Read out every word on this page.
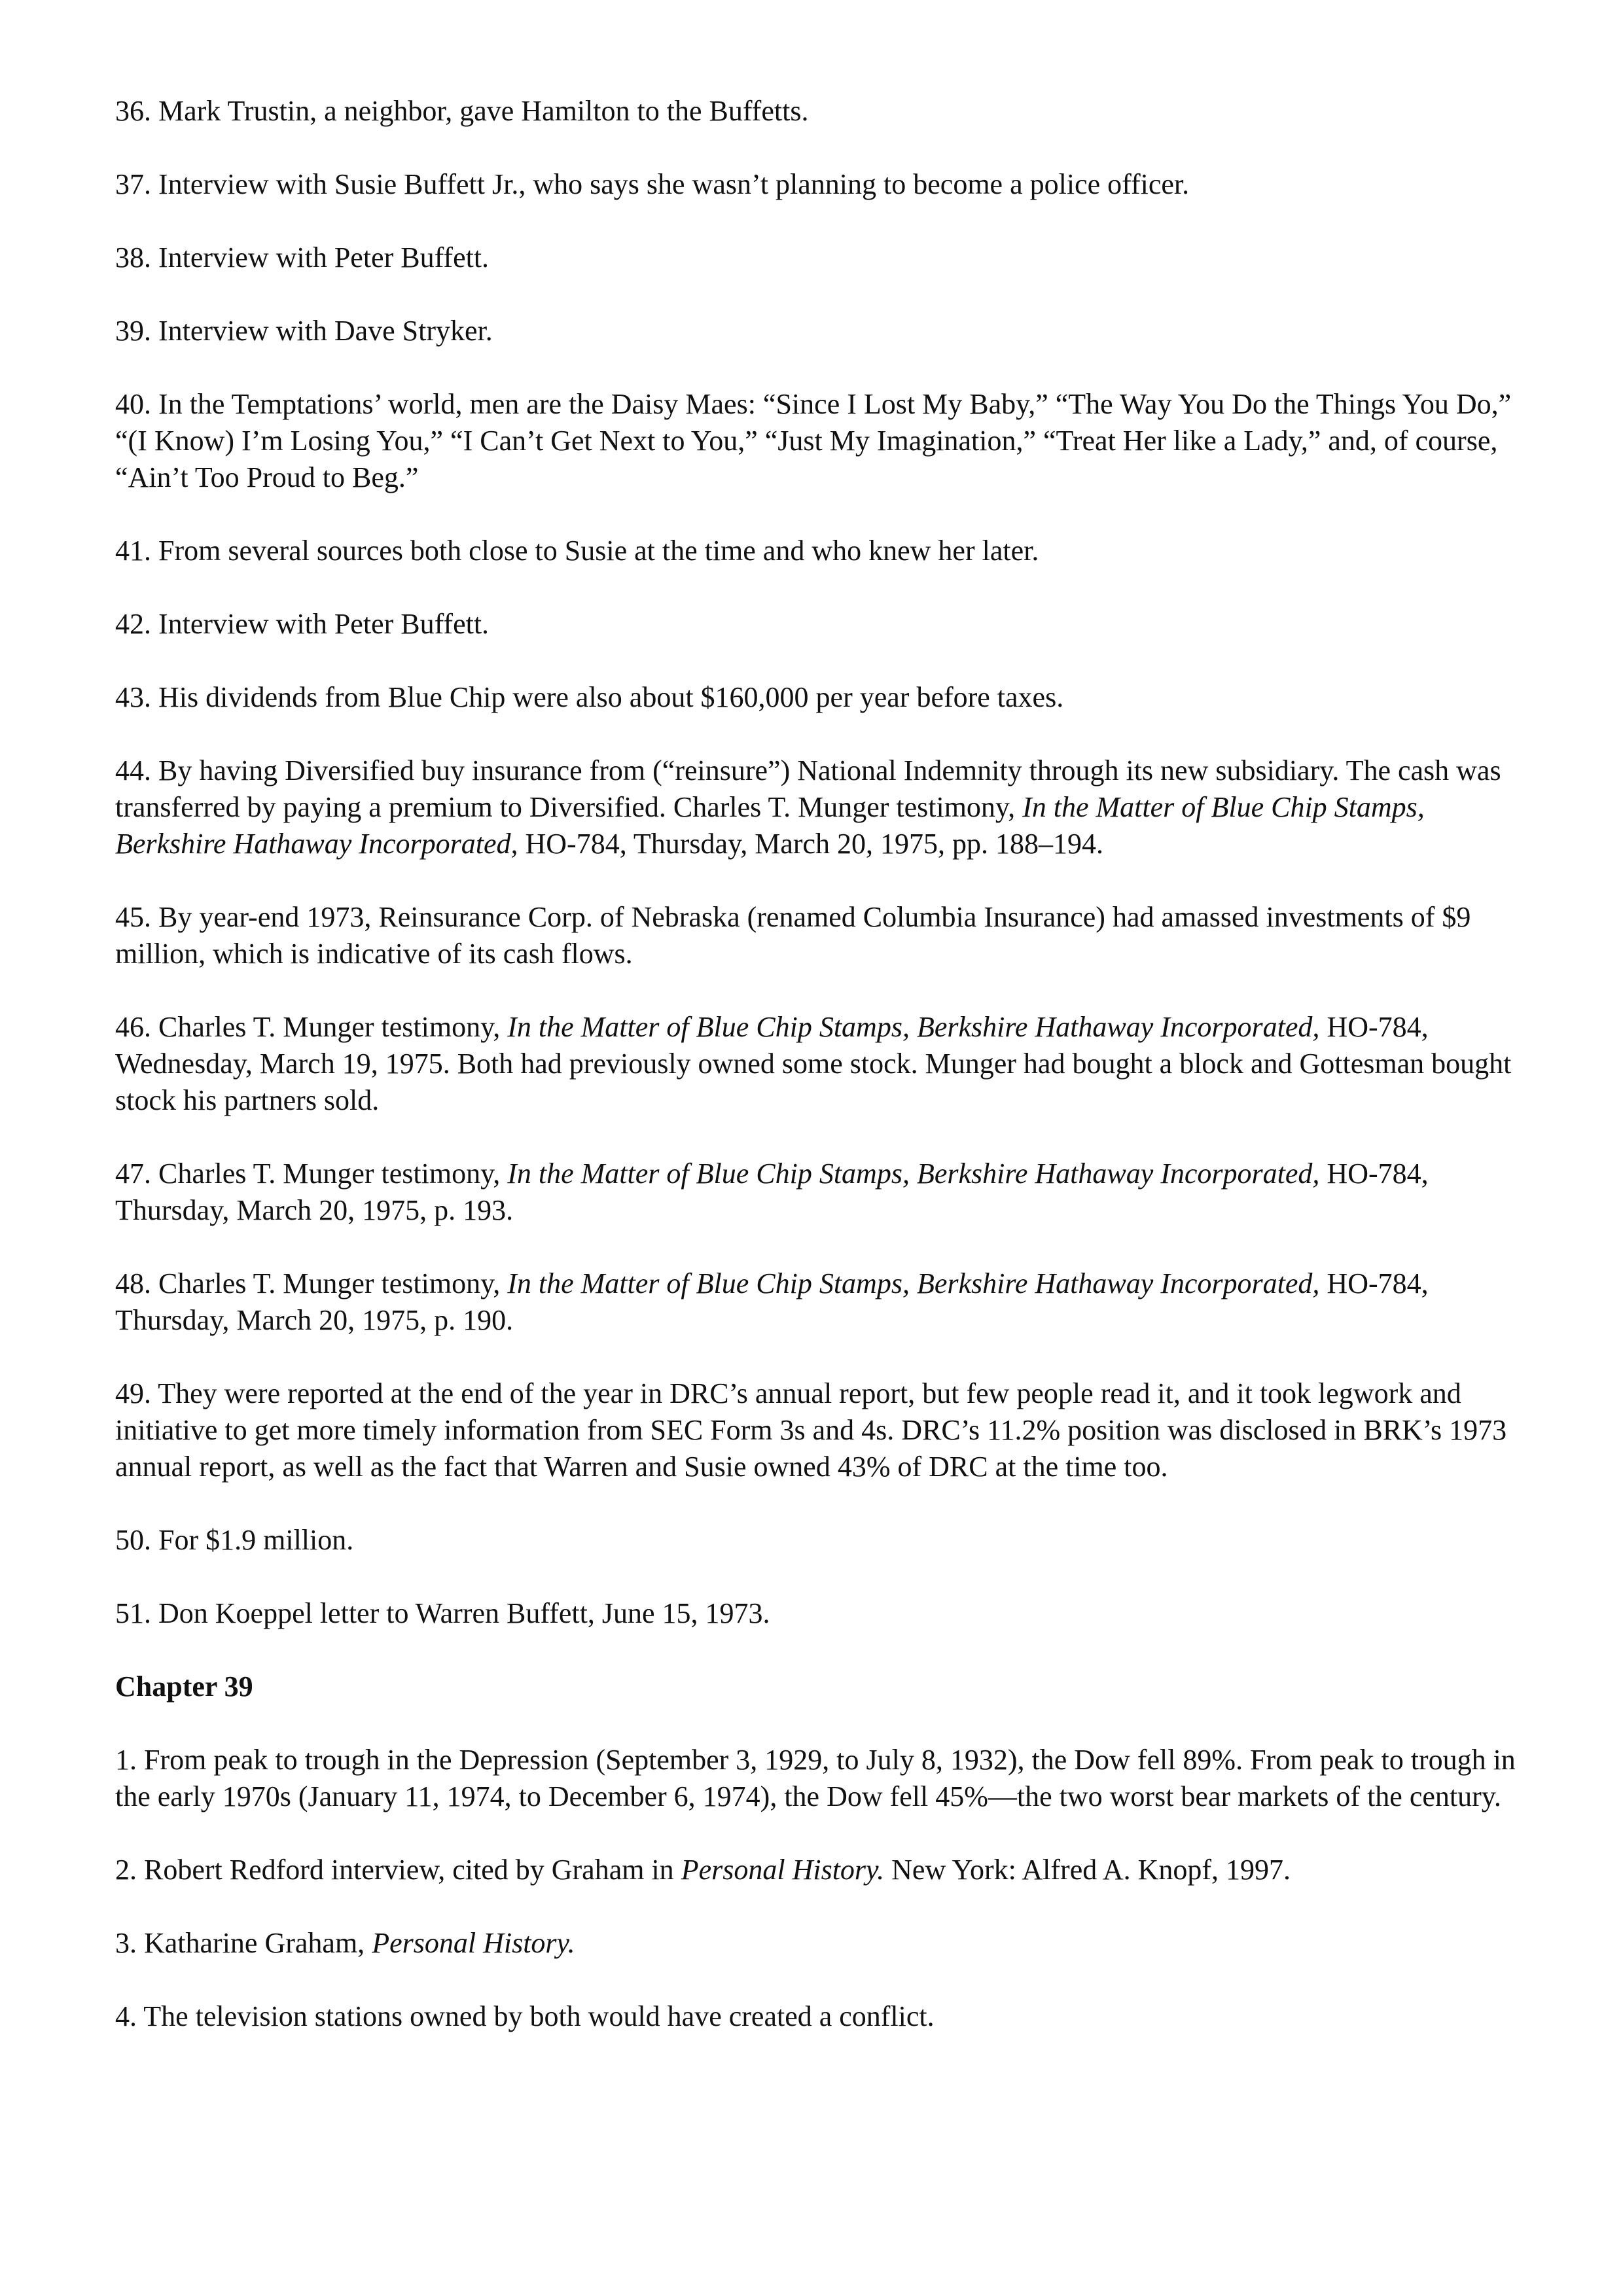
36. Mark Trustin, a neighbor, gave Hamilton to the Buffetts.

37. Interview with Susie Buffett Jr., who says she wasn’t planning to become a police officer.

38. Interview with Peter Buffett.

39. Interview with Dave Stryker.

40. In the Temptations’ world, men are the Daisy Maes: “Since I Lost My Baby,” “The Way You Do the Things You Do,” “(I Know) I’m Losing You,” “I Can’t Get Next to You,” “Just My Imagination,” “Treat Her like a Lady,” and, of course, “Ain’t Too Proud to Beg.”

41. From several sources both close to Susie at the time and who knew her later.

42. Interview with Peter Buffett.

43. His dividends from Blue Chip were also about $160,000 per year before taxes.

44. By having Diversified buy insurance from (“reinsure”) National Indemnity through its new subsidiary. The cash was transferred by paying a premium to Diversified. Charles T. Munger testimony, In the Matter of Blue Chip Stamps, Berkshire Hathaway Incorporated, HO-784, Thursday, March 20, 1975, pp. 188–194.

45. By year-end 1973, Reinsurance Corp. of Nebraska (renamed Columbia Insurance) had amassed investments of $9 million, which is indicative of its cash flows.

46. Charles T. Munger testimony, In the Matter of Blue Chip Stamps, Berkshire Hathaway Incorporated, HO-784, Wednesday, March 19, 1975. Both had previously owned some stock. Munger had bought a block and Gottesman bought stock his partners sold.

47. Charles T. Munger testimony, In the Matter of Blue Chip Stamps, Berkshire Hathaway Incorporated, HO-784, Thursday, March 20, 1975, p. 193.

48. Charles T. Munger testimony, In the Matter of Blue Chip Stamps, Berkshire Hathaway Incorporated, HO-784, Thursday, March 20, 1975, p. 190.

49. They were reported at the end of the year in DRC’s annual report, but few people read it, and it took legwork and initiative to get more timely information from SEC Form 3s and 4s. DRC’s 11.2% position was disclosed in BRK’s 1973 annual report, as well as the fact that Warren and Susie owned 43% of DRC at the time too.

50. For $1.9 million.

51. Don Koeppel letter to Warren Buffett, June 15, 1973.

Chapter 39

1. From peak to trough in the Depression (September 3, 1929, to July 8, 1932), the Dow fell 89%. From peak to trough in the early 1970s (January 11, 1974, to December 6, 1974), the Dow fell 45%—the two worst bear markets of the century.

2. Robert Redford interview, cited by Graham in Personal History. New York: Alfred A. Knopf, 1997.

3. Katharine Graham, Personal History.

4. The television stations owned by both would have created a conflict.
